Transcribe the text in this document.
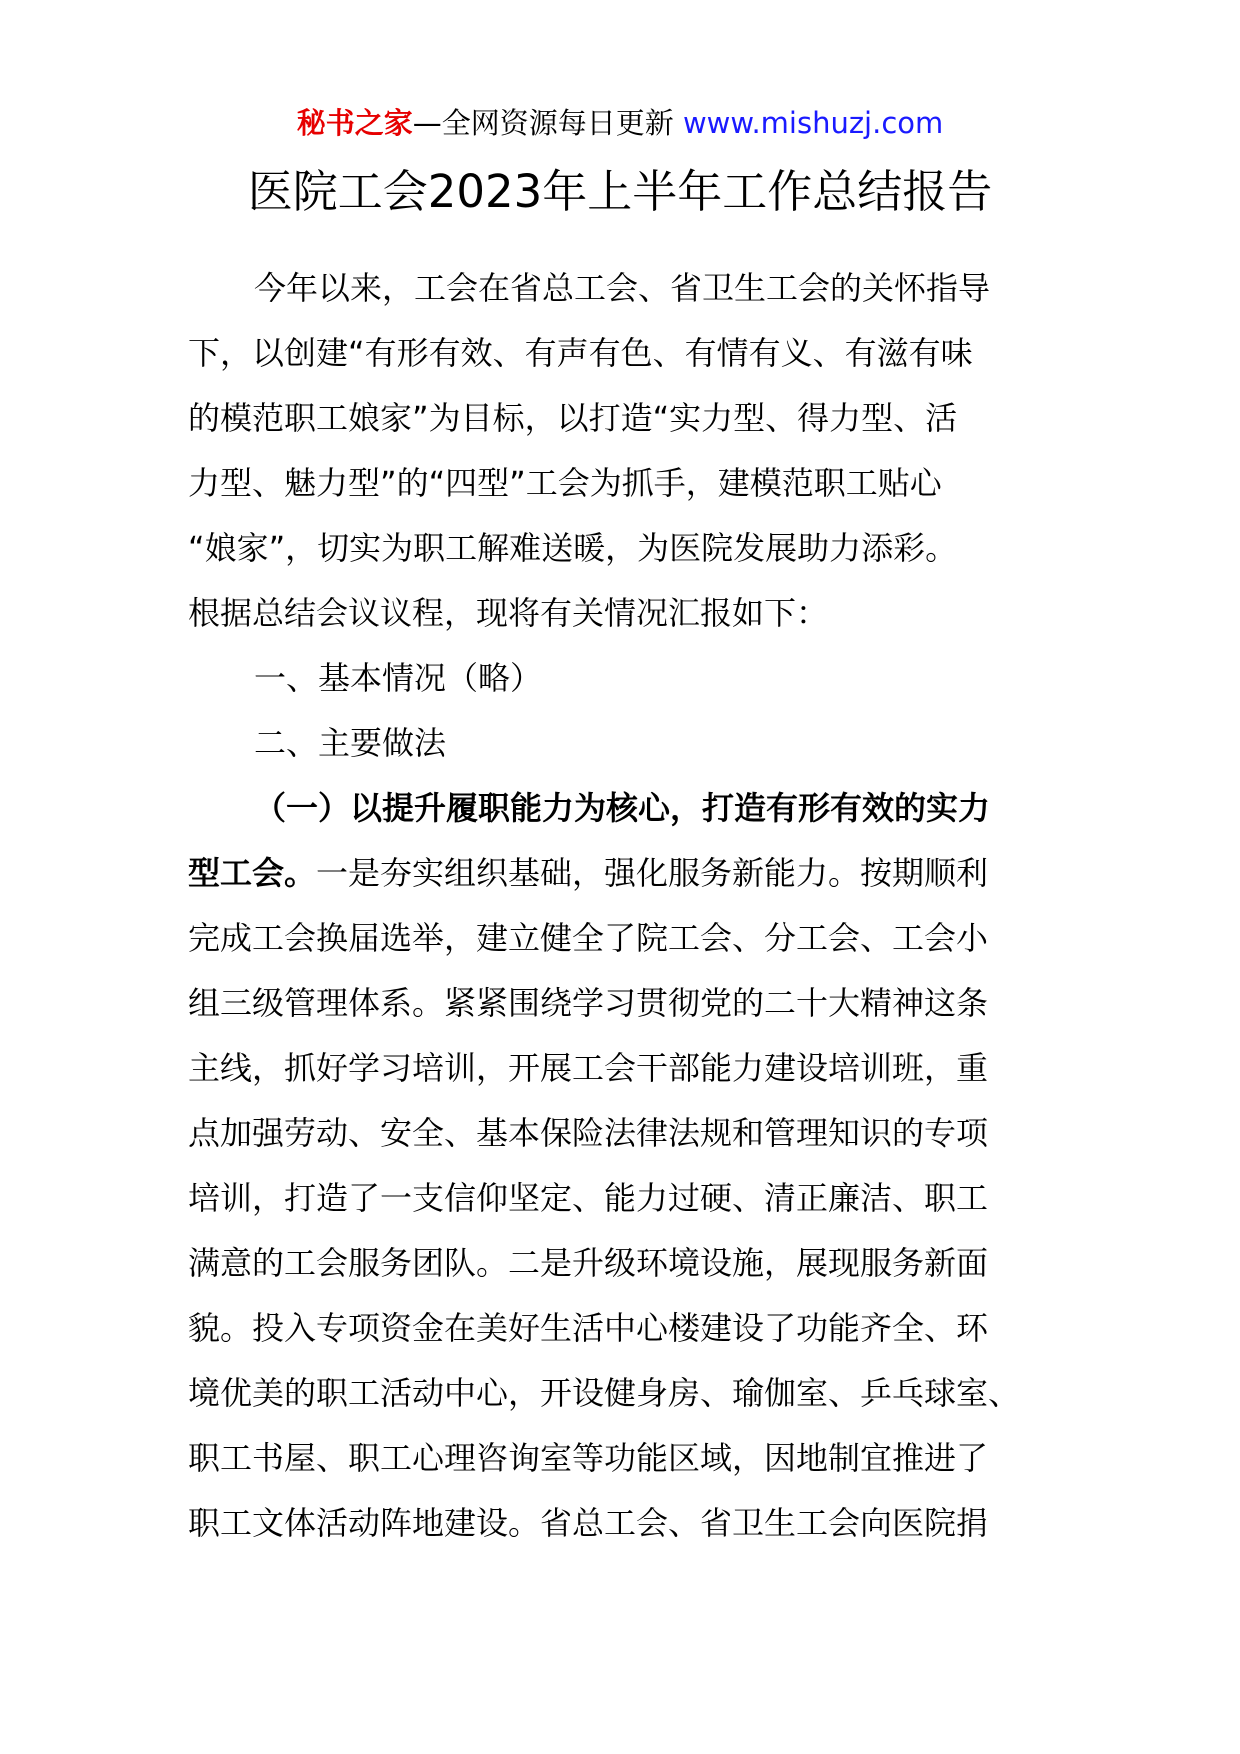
秘书之家—全网资源每日更新 www.mishuzj.com
医院工会2023年上半年工作总结报告
今年以来，工会在省总工会、省卫生工会的关怀指导
下，以创建“有形有效、有声有色、有情有义、有滋有味
的模范职工娘家”为目标，以打造“实力型、得力型、活
力型、魅力型”的“四型”工会为抓手，建模范职工贴心
“娘家”，切实为职工解难送暖，为医院发展助力添彩。
根据总结会议议程，现将有关情况汇报如下：
一、基本情况（略）
二、主要做法
（一）以提升履职能力为核心，打造有形有效的实力
型工会。一是夯实组织基础，强化服务新能力。按期顺利
完成工会换届选举，建立健全了院工会、分工会、工会小
组三级管理体系。紧紧围绕学习贯彻党的二十大精神这条
主线，抓好学习培训，开展工会干部能力建设培训班，重
点加强劳动、安全、基本保险法律法规和管理知识的专项
培训，打造了一支信仰坚定、能力过硬、清正廉洁、职工
满意的工会服务团队。二是升级环境设施，展现服务新面
貌。投入专项资金在美好生活中心楼建设了功能齐全、环
境优美的职工活动中心，开设健身房、瑜伽室、乒乓球室、
职工书屋、职工心理咨询室等功能区域，因地制宜推进了
职工文体活动阵地建设。省总工会、省卫生工会向医院捐
